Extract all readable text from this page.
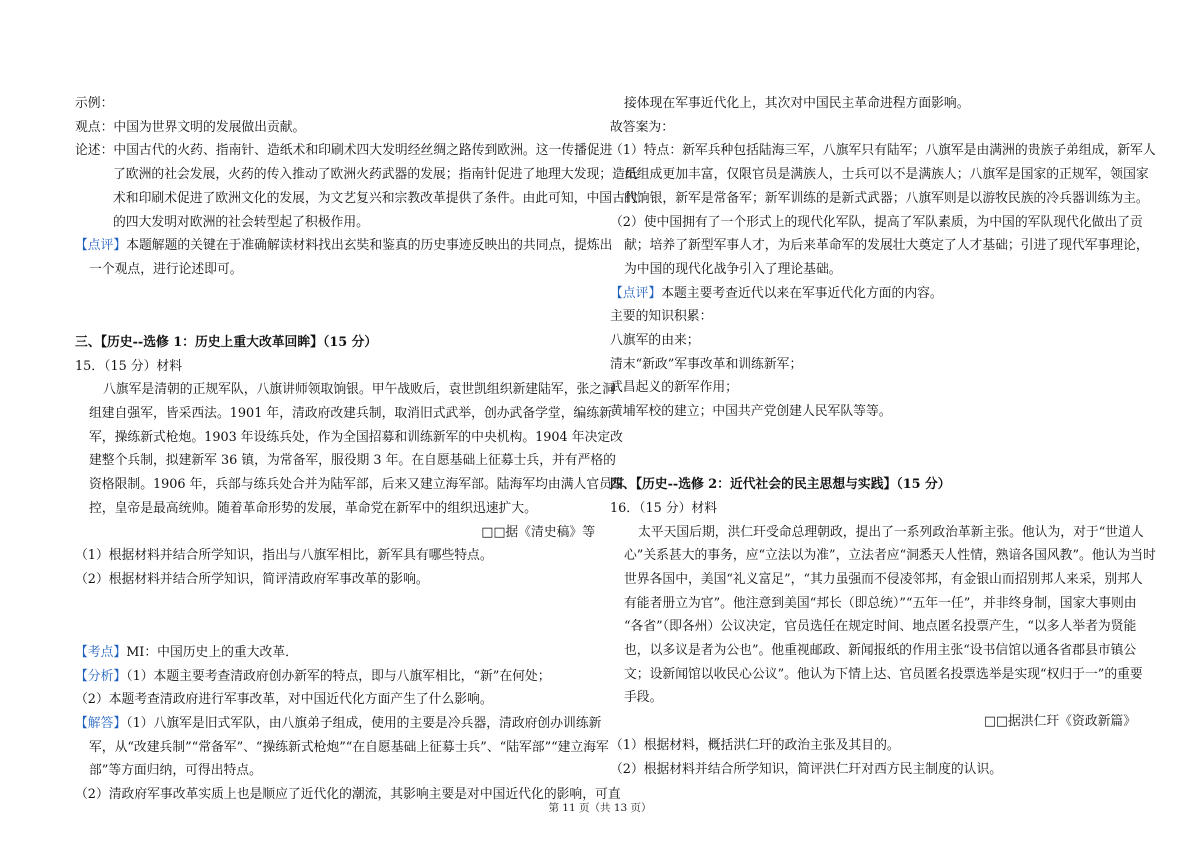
示例：

观点：中国为世界文明的发展做出贡献。

论述：中国古代的火药、指南针、造纸术和印刷术四大发明经丝绸之路传到欧洲。这一传播促进

了欧洲的社会发展，火药的传入推动了欧洲火药武器的发展；指南针促进了地理大发现；造纸

术和印刷术促进了欧洲文化的发展，为文艺复兴和宗教改革提供了条件。由此可知，中国古代

的四大发明对欧洲的社会转型起了积极作用。

【点评】本题解题的关键在于准确解读材料找出玄奘和鉴真的历史事迹反映出的共同点，提炼出

一个观点，进行论述即可。

三、【历史--选修 1：历史上重大改革回眸】（15 分）

15．（15 分）材料

八旗军是清朝的正规军队，八旗讲师领取饷银。甲午战败后，袁世凯组织新建陆军，张之洞

组建自强军，皆采西法。1901 年，清政府改建兵制，取消旧式武举，创办武备学堂，编练新

军，操练新式枪炮。1903 年设练兵处，作为全国招募和训练新军的中央机构。1904 年决定改

建整个兵制，拟建新军 36 镇，为常备军，服役期 3 年。在自愿基础上征募士兵，并有严格的

资格限制。1906 年，兵部与练兵处合并为陆军部，后来又建立海军部。陆海军均由满人官员掌

控，皇帝是最高统帅。随着革命形势的发展，革命党在新军中的组织迅速扩大。

□□据《清史稿》等

（1）根据材料并结合所学知识，指出与八旗军相比，新军具有哪些特点。

（2）根据材料并结合所学知识，简评清政府军事改革的影响。

【考点】MI：中国历史上的重大改革．

【分析】（1）本题主要考查清政府创办新军的特点，即与八旗军相比，“新”在何处；

（2）本题考查清政府进行军事改革，对中国近代化方面产生了什么影响。

【解答】（1）八旗军是旧式军队，由八旗弟子组成，使用的主要是冷兵器，清政府创办训练新

军，从“改建兵制”“常备军”、“操练新式枪炮”“在自愿基础上征募士兵”、“陆军部”“建立海军

部”等方面归纳，可得出特点。

（2）清政府军事改革实质上也是顺应了近代化的潮流，其影响主要是对中国近代化的影响，可直

接体现在军事近代化上，其次对中国民主革命进程方面影响。

故答案为：

（1）特点：新军兵种包括陆海三军，八旗军只有陆军；八旗军是由满洲的贵族子弟组成，新军人

员组成更加丰富，仅限官员是满族人，士兵可以不是满族人；八旗军是国家的正规军，领国家

的饷银，新军是常备军；新军训练的是新式武器；八旗军则是以游牧民族的冷兵器训练为主。

（2）使中国拥有了一个形式上的现代化军队，提高了军队素质，为中国的军队现代化做出了贡

献；培养了新型军事人才，为后来革命军的发展壮大奠定了人才基础；引进了现代军事理论，

为中国的现代化战争引入了理论基础。

【点评】本题主要考查近代以来在军事近代化方面的内容。

主要的知识积累：

八旗军的由来；

清末“新政”军事改革和训练新军；

武昌起义的新军作用；

黄埔军校的建立；中国共产党创建人民军队等等。

四、【历史--选修 2：近代社会的民主思想与实践】（15 分）

16．（15 分）材料

太平天国后期，洪仁玕受命总理朝政，提出了一系列政治革新主张。他认为，对于“世道人

心”关系甚大的事务，应“立法以为准”，立法者应“洞悉天人性情，熟谙各国风教”。他认为当时

世界各国中，美国“礼义富足”，“其力虽强而不侵凌邻邦，有金银山而招别邦人来采，别邦人

有能者册立为官”。他注意到美国“邦长（即总统）”“五年一任”，并非终身制，国家大事则由

“各省”（即各州）公议决定，官员选任在规定时间、地点匿名投票产生，“以多人举者为贤能

也，以多议是者为公也”。他重视邮政、新闻报纸的作用主张“设书信馆以通各省郡县市镇公

文；设新闻馆以收民心公议”。他认为下情上达、官员匿名投票选举是实现“权归于一”的重要

手段。

□□据洪仁玕《资政新篇》

（1）根据材料，概括洪仁玕的政治主张及其目的。

（2）根据材料并结合所学知识，简评洪仁玕对西方民主制度的认识。

第 11 页（共 13 页）
